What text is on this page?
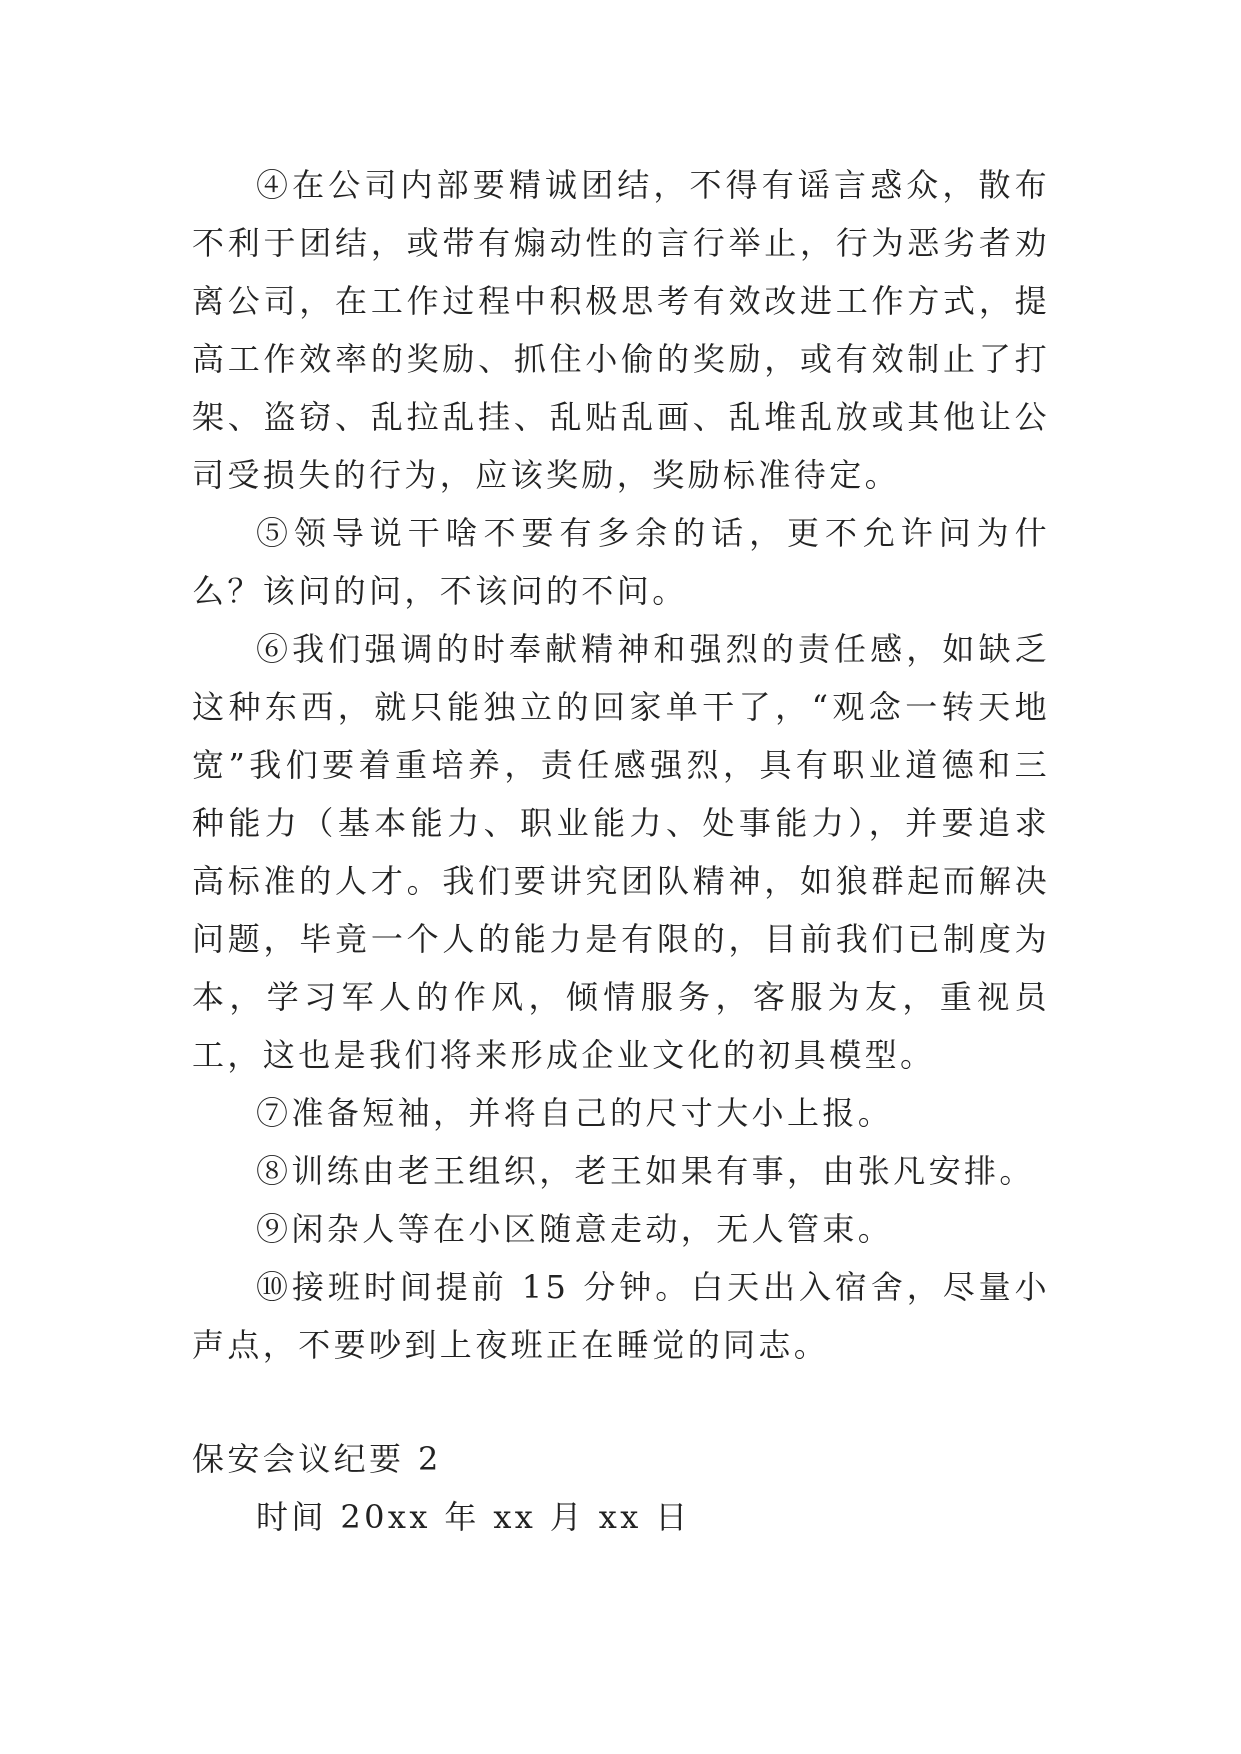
④在公司内部要精诚团结，不得有谣言惑众，散布不利于团结，或带有煽动性的言行举止，行为恶劣者劝离公司，在工作过程中积极思考有效改进工作方式，提高工作效率的奖励、抓住小偷的奖励，或有效制止了打架、盗窃、乱拉乱挂、乱贴乱画、乱堆乱放或其他让公司受损失的行为，应该奖励，奖励标准待定。

⑤领导说干啥不要有多余的话，更不允许问为什么？该问的问，不该问的不问。

⑥我们强调的时奉献精神和强烈的责任感，如缺乏这种东西，就只能独立的回家单干了，“观念一转天地宽”我们要着重培养，责任感强烈，具有职业道德和三种能力（基本能力、职业能力、处事能力），并要追求高标准的人才。我们要讲究团队精神，如狼群起而解决问题，毕竟一个人的能力是有限的，目前我们已制度为本，学习军人的作风，倾情服务，客服为友，重视员工，这也是我们将来形成企业文化的初具模型。

⑦准备短袖，并将自己的尺寸大小上报。

⑧训练由老王组织，老王如果有事，由张凡安排。

⑨闲杂人等在小区随意走动，无人管束。

⑩接班时间提前 15 分钟。白天出入宿舍，尽量小声点，不要吵到上夜班正在睡觉的同志。

保安会议纪要 2

时间 20xx 年 xx 月 xx 日
